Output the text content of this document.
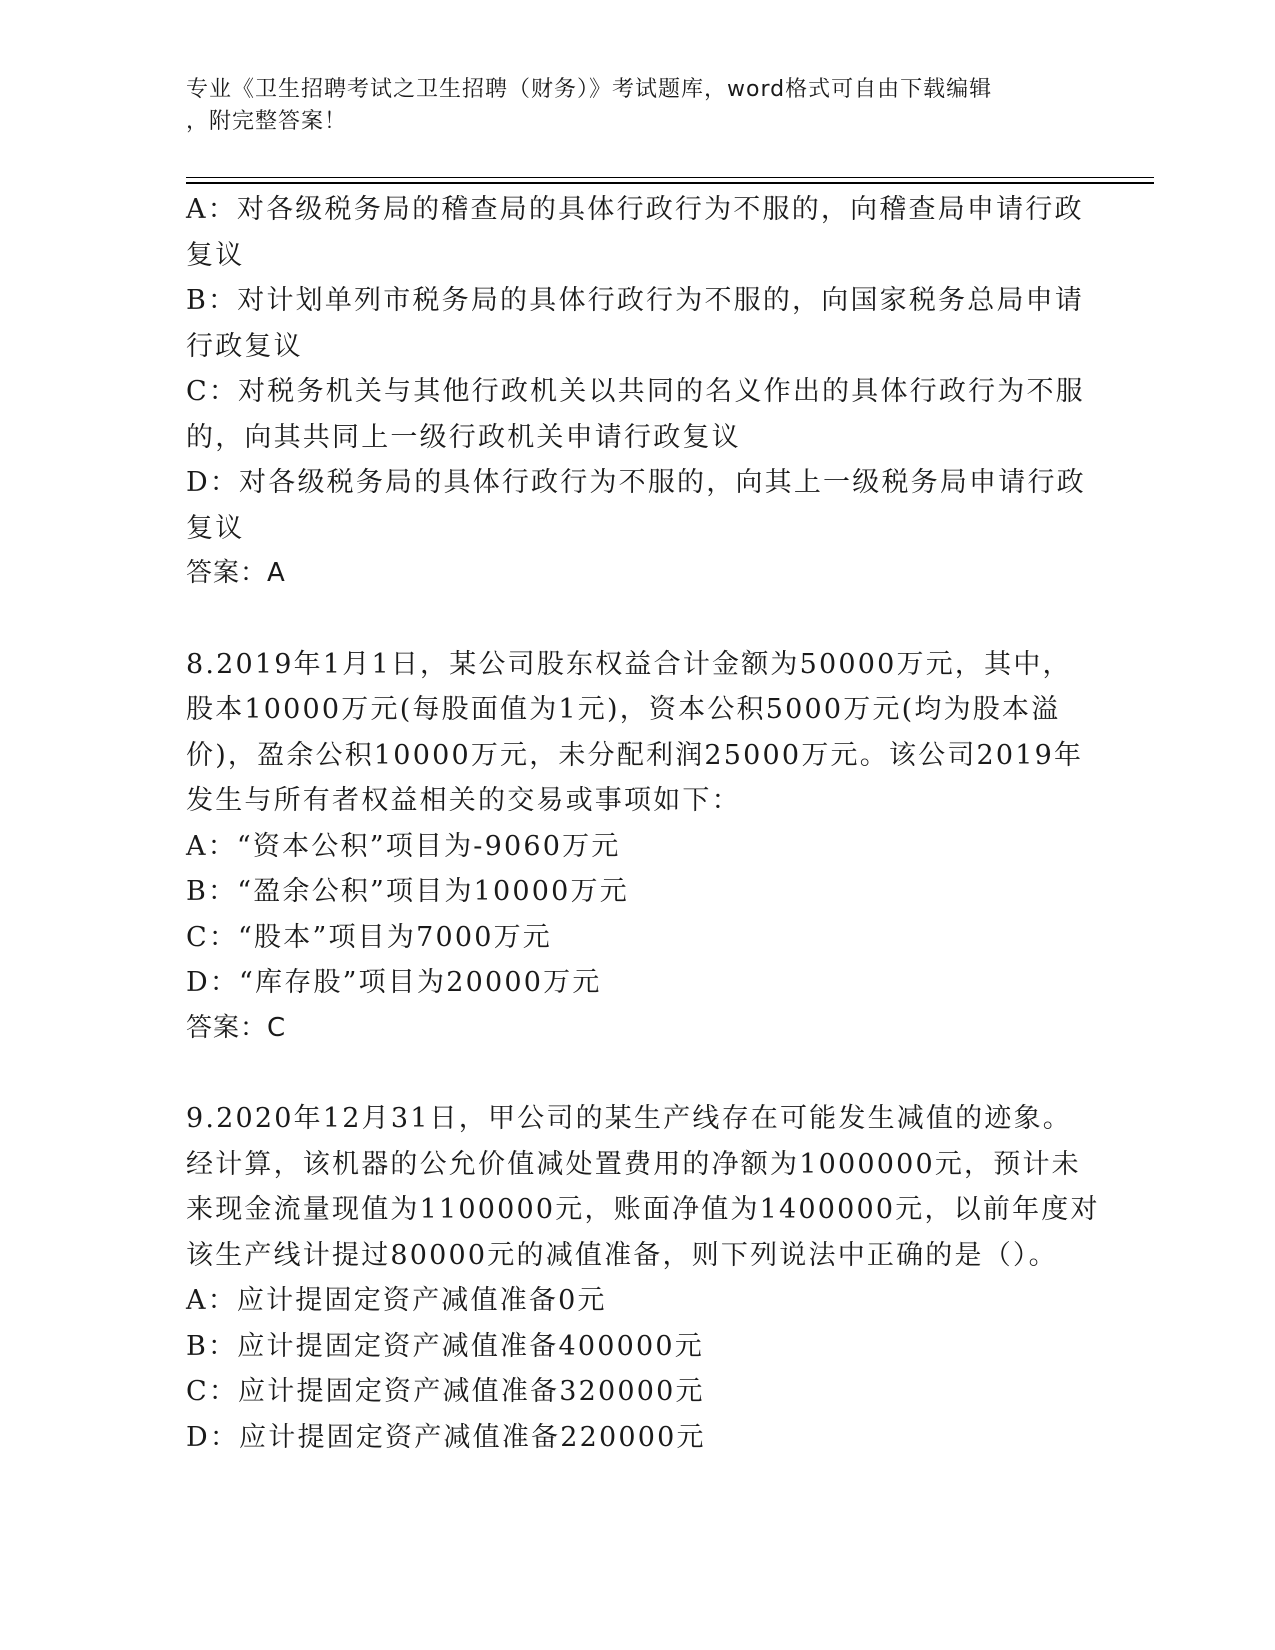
专业《卫生招聘考试之卫生招聘（财务）》考试题库，word格式可自由下载编辑
，附完整答案！
A：对各级税务局的稽查局的具体行政行为不服的，向稽查局申请行政
复议
B：对计划单列市税务局的具体行政行为不服的，向国家税务总局申请
行政复议
C：对税务机关与其他行政机关以共同的名义作出的具体行政行为不服
的，向其共同上一级行政机关申请行政复议
D：对各级税务局的具体行政行为不服的，向其上一级税务局申请行政
复议
答案：A
8.2019年1月1日，某公司股东权益合计金额为50000万元，其中，
股本10000万元(每股面值为1元)，资本公积5000万元(均为股本溢
价)，盈余公积10000万元，未分配利润25000万元。该公司2019年
发生与所有者权益相关的交易或事项如下：
A：“资本公积”项目为-9060万元
B：“盈余公积”项目为10000万元
C：“股本”项目为7000万元
D：“库存股”项目为20000万元
答案：C
9.2020年12月31日，甲公司的某生产线存在可能发生减值的迹象。
经计算，该机器的公允价值减处置费用的净额为1000000元，预计未
来现金流量现值为1100000元，账面净值为1400000元，以前年度对
该生产线计提过80000元的减值准备，则下列说法中正确的是（）。
A：应计提固定资产减值准备0元
B：应计提固定资产减值准备400000元
C：应计提固定资产减值准备320000元
D：应计提固定资产减值准备220000元
